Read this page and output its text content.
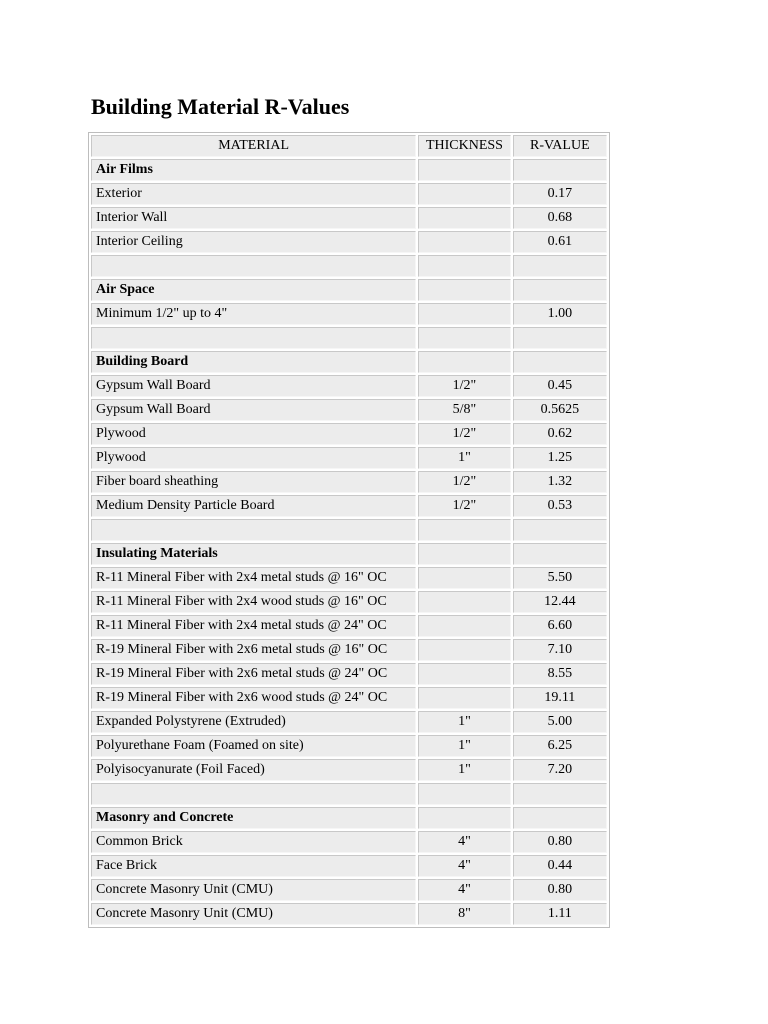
Building Material R-Values
MATERIAL	THICKNESS	R-VALUE
Air Films		
Exterior		0.17
Interior Wall		0.68
Interior Ceiling		0.61

Air Space		
Minimum 1/2" up to 4"		1.00

Building Board		
Gypsum Wall Board	1/2"	0.45
Gypsum Wall Board	5/8"	0.5625
Plywood	1/2"	0.62
Plywood	1"	1.25
Fiber board sheathing	1/2"	1.32
Medium Density Particle Board	1/2"	0.53

Insulating Materials		
R-11 Mineral Fiber with 2x4 metal studs @ 16" OC		5.50
R-11 Mineral Fiber with 2x4 wood studs @ 16" OC		12.44
R-11 Mineral Fiber with 2x4 metal studs @ 24" OC		6.60
R-19 Mineral Fiber with 2x6 metal studs @ 16" OC		7.10
R-19 Mineral Fiber with 2x6 metal studs @ 24" OC		8.55
R-19 Mineral Fiber with 2x6 wood studs @ 24" OC		19.11
Expanded Polystyrene (Extruded)	1"	5.00
Polyurethane Foam (Foamed on site)	1"	6.25
Polyisocyanurate (Foil Faced)	1"	7.20

Masonry and Concrete		
Common Brick	4"	0.80
Face Brick	4"	0.44
Concrete Masonry Unit (CMU)	4"	0.80
Concrete Masonry Unit (CMU)	8"	1.11
